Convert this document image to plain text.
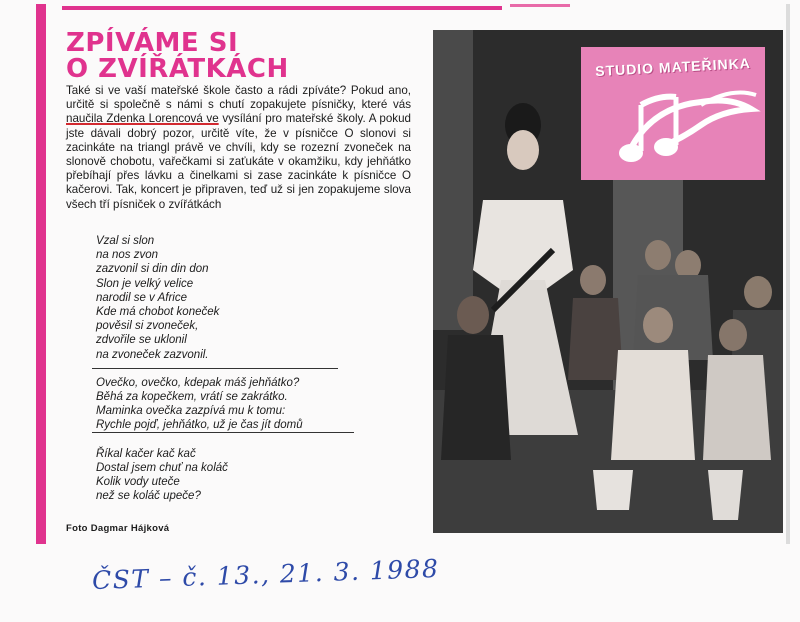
ZPÍVÁME SI
O ZVÍŘÁTKÁCH

Také si ve vaší mateřské škole často a rádi zpíváte? Pokud ano, určitě si společně s námi s chutí zopakujete písničky, které vás naučila Zdenka Lorencová ve vysílání pro mateřské školy. A pokud jste dávali dobrý pozor, určitě víte, že v písničce O slonovi si zacinkáte na triangl právě ve chvíli, kdy se rozezní zvoneček na slonově chobotu, vařečkami si zaťukáte v okamžiku, kdy jehňátko přebíhají přes lávku a činelkami si zase zacinkáte k písničce O kačerovi. Tak, koncert je připraven, teď už si jen zopakujeme slova všech tří písniček o zvířátkách

Vzal si slon
na nos zvon
zazvonil si din din don
Slon je velký velice
narodil se v Africe
Kde má chobot koneček
pověsil si zvoneček,
zdvořile se uklonil
na zvoneček zazvonil.
Ovečko, ovečko, kdepak máš jehňátko?
Běhá za kopečkem, vrátí se zakrátko.
Maminka ovečka zazpívá mu k tomu:
Rychle pojď, jehňátko, už je čas jít domů
Říkal kačer kač kač
Dostal jsem chuť na koláč
Kolik vody uteče
než se koláč upeče?
Foto Dagmar Hájková
STUDIO MATEŘINKA
ČST – č. 13., 21. 3. 1988
